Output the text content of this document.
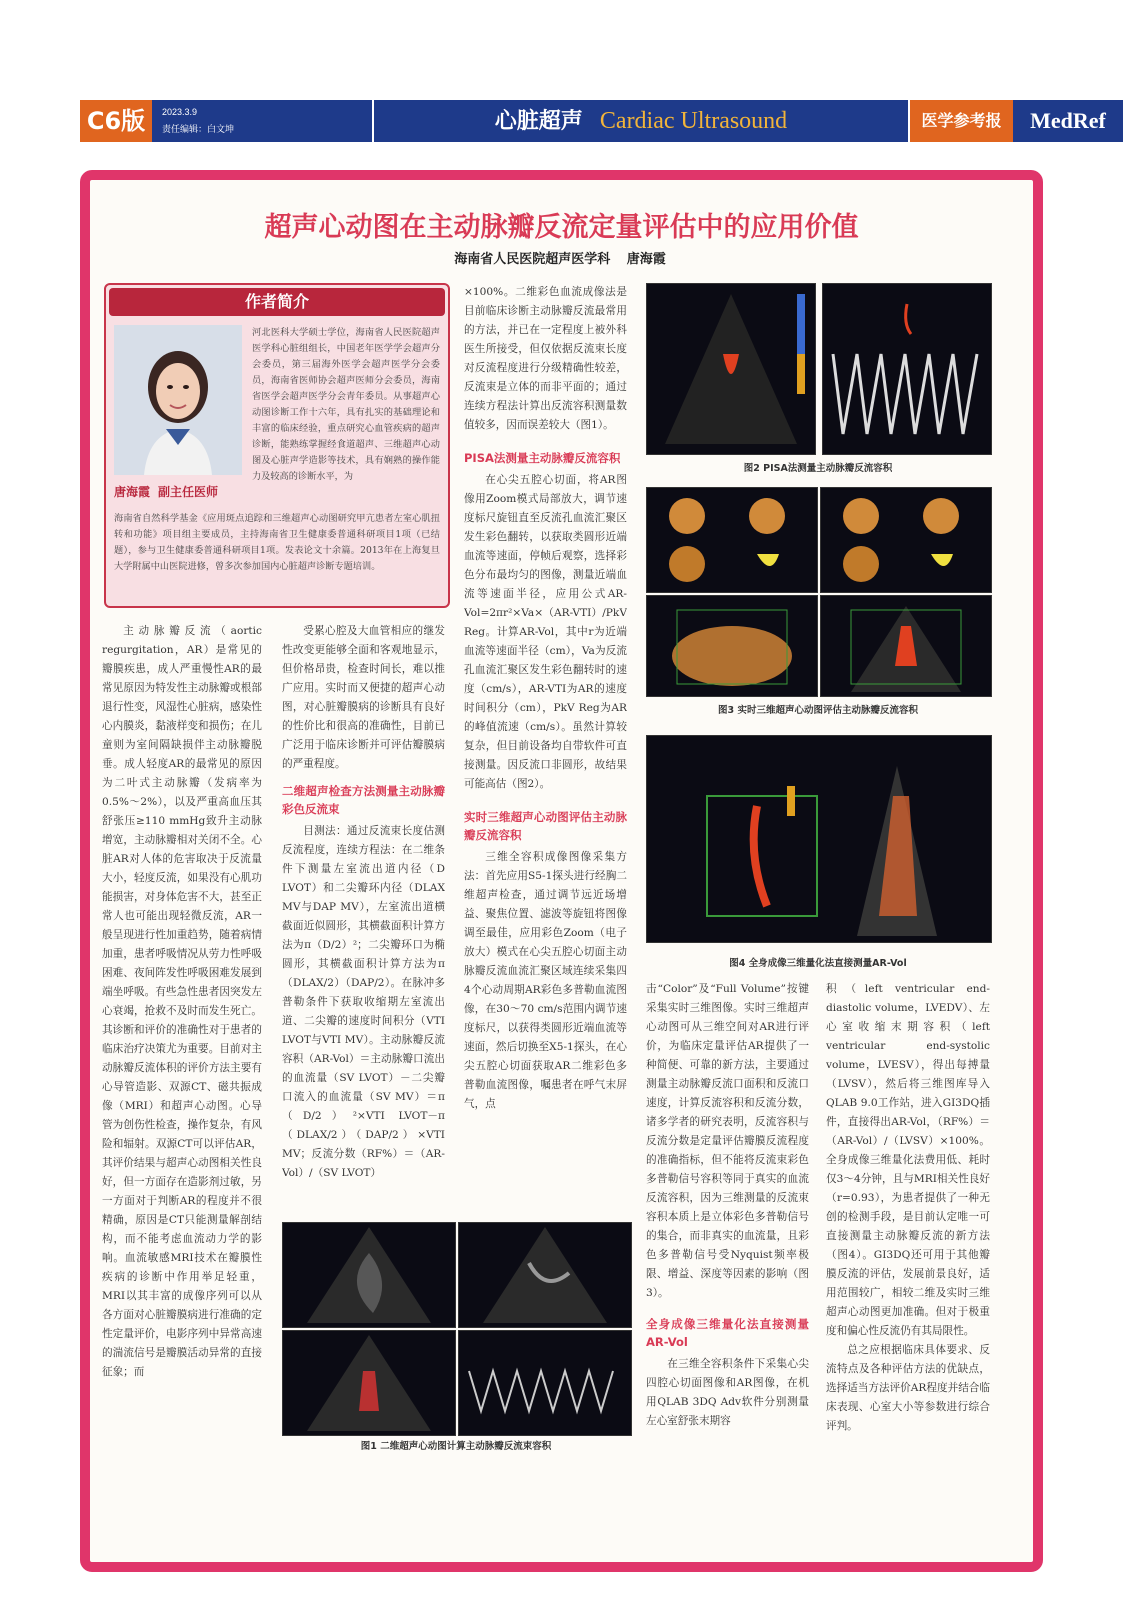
C6版	2023.3.9
责任编辑：白文坤	心脏超声 Cardiac Ultrasound	医学参考报	MedRef
超声心动图在主动脉瓣反流定量评估中的应用价值
海南省人民医院超声医学科 唐海霞
作者简介
唐海霞 副主任医师
河北医科大学硕士学位，海南省人民医院超声医学科心脏组组长，中国老年医学学会超声分会委员，第三届海外医学会超声医学分会委员，海南省医师协会超声医师分会委员，海南省医学会超声医学分会青年委员。从事超声心动图诊断工作十六年，具有扎实的基础理论和丰富的临床经验，重点研究心血管疾病的超声诊断，能熟练掌握经食道超声、三维超声心动图及心脏声学造影等技术，具有娴熟的操作能力及较高的诊断水平，为
海南省自然科学基金《应用斑点追踪和三维超声心动图研究甲亢患者左室心肌扭转和功能》项目组主要成员，主持海南省卫生健康委普通科研项目1项（已结题），参与卫生健康委普通科研项目1项。发表论文十余篇。2013年在上海复旦大学附属中山医院进修，曾多次参加国内心脏超声诊断专题培训。

主动脉瓣反流（aortic regurgitation，AR）是常见的瓣膜疾患，成人严重慢性AR的最常见原因为特发性主动脉瓣或根部退行性变，风湿性心脏病，感染性心内膜炎，黏液样变和损伤；在儿童则为室间隔缺损伴主动脉瓣脱垂。成人轻度AR的最常见的原因为二叶式主动脉瓣（发病率为0.5%～2%），以及严重高血压其舒张压≥110 mmHg致升主动脉增宽，主动脉瓣相对关闭不全。心脏AR对人体的危害取决于反流量大小，轻度反流，如果没有心肌功能损害，对身体危害不大，甚至正常人也可能出现轻微反流，AR一般呈现进行性加重趋势，随着病情加重，患者呼吸情况从劳力性呼吸困难、夜间阵发性呼吸困难发展到端坐呼吸。有些急性患者因突发左心衰竭，抢救不及时而发生死亡。其诊断和评价的准确性对于患者的临床治疗决策尤为重要。目前对主动脉瓣反流体积的评价方法主要有心导管造影、双源CT、磁共振成像（MRI）和超声心动图。心导管为创伤性检查，操作复杂，有风险和辐射。双源CT可以评估AR，其评价结果与超声心动图相关性良好，但一方面存在造影剂过敏，另一方面对于判断AR的程度并不很精确，原因是CT只能测量解剖结构，而不能考虑血流动力学的影响。血流敏感MRI技术在瓣膜性疾病的诊断中作用举足轻重，MRI以其丰富的成像序列可以从各方面对心脏瓣膜病进行准确的定性定量评价，电影序列中异常高速的湍流信号是瓣膜活动异常的直接征象；而

受累心腔及大血管相应的继发性改变更能够全面和客观地显示，但价格昂贵，检查时间长，难以推广应用。实时而又便捷的超声心动图，对心脏瓣膜病的诊断具有良好的性价比和很高的准确性，目前已广泛用于临床诊断并可评估瓣膜病的严重程度。

二维超声检查方法测量主动脉瓣彩色反流束

目测法：通过反流束长度估测反流程度，连续方程法：在二维条件下测量左室流出道内径（D LVOT）和二尖瓣环内径（DLAX MV与DAP MV），左室流出道横截面近似圆形，其横截面积计算方法为π（D/2）²；二尖瓣环口为椭圆形，其横截面积计算方法为π（DLAX/2）（DAP/2）。在脉冲多普勒条件下获取收缩期左室流出道、二尖瓣的速度时间积分（VTI LVOT与VTI MV）。主动脉瓣反流容积（AR-Vol）＝主动脉瓣口流出的血流量（SV LVOT）－二尖瓣口流入的血流量（SV MV）＝π（D/2）²×VTI LVOT－π（DLAX/2）（DAP/2）×VTI MV；反流分数（RF%）＝（AR-Vol）/（SV LVOT）

×100%。二维彩色血流成像法是目前临床诊断主动脉瓣反流最常用的方法，并已在一定程度上被外科医生所接受，但仅依据反流束长度对反流程度进行分级精确性较差，反流束是立体的而非平面的；通过连续方程法计算出反流容积测量数值较多，因而误差较大（图1）。

PISA法测量主动脉瓣反流容积

在心尖五腔心切面，将AR图像用Zoom模式局部放大，调节速度标尺旋钮直至反流孔血流汇聚区发生彩色翻转，以获取类圆形近端血流等速面，停帧后观察，选择彩色分布最均匀的图像，测量近端血流等速面半径，应用公式AR-Vol=2πr²×Va×（AR-VTI）/PkV Reg。计算AR-Vol，其中r为近端血流等速面半径（cm），Va为反流孔血流汇聚区发生彩色翻转时的速度（cm/s），AR-VTI为AR的速度时间积分（cm），PkV Reg为AR的峰值流速（cm/s）。虽然计算较复杂，但目前设备均自带软件可直接测量。因反流口非圆形，故结果可能高估（图2）。

实时三维超声心动图评估主动脉瓣反流容积

三维全容积成像图像采集方法：首先应用S5-1探头进行经胸二维超声检查，通过调节远近场增益、聚焦位置、滤波等旋钮将图像调至最佳，应用彩色Zoom（电子放大）模式在心尖五腔心切面主动脉瓣反流血流汇聚区域连续采集四4个心动周期AR彩色多普勒血流图像，在30～70 cm/s范围内调节速度标尺，以获得类圆形近端血流等速面，然后切换至X5-1探头，在心尖五腔心切面获取AR二维彩色多普勒血流图像，嘱患者在呼气末屏气，点

击“Color”及“Full Volume”按键采集实时三维图像。实时三维超声心动图可从三维空间对AR进行评价，为临床定量评估AR提供了一种简便、可靠的新方法，主要通过测量主动脉瓣反流口面积和反流口速度，计算反流容积和反流分数，诸多学者的研究表明，反流容积与反流分数是定量评估瓣膜反流程度的准确指标，但不能将反流束彩色多普勒信号容积等同于真实的血流反流容积，因为三维测量的反流束容积本质上是立体彩色多普勒信号的集合，而非真实的血流量，且彩色多普勒信号受Nyquist频率极限、增益、深度等因素的影响（图3）。

全身成像三维量化法直接测量AR-Vol

在三维全容积条件下采集心尖四腔心切面图像和AR图像，在机用QLAB 3DQ Adv软件分别测量左心室舒张末期容

积（left ventricular end-diastolic volume，LVEDV）、左心室收缩末期容积（left ventricular end-systolic volume，LVESV），得出每搏量（LVSV），然后将三维图库导入QLAB 9.0工作站，进入GI3DQ插件，直接得出AR-Vol，（RF%）＝（AR-Vol）/（LVSV）×100%。全身成像三维量化法费用低、耗时仅3～4分钟，且与MRI相关性良好（r=0.93），为患者提供了一种无创的检测手段，是目前认定唯一可直接测量主动脉瓣反流的新方法（图4）。GI3DQ还可用于其他瓣膜反流的评估，发展前景良好，适用范围较广，相较二维及实时三维超声心动图更加准确。但对于极重度和偏心性反流仍有其局限性。

总之应根据临床具体要求、反流特点及各种评估方法的优缺点，选择适当方法评价AR程度并结合临床表现、心室大小等参数进行综合评判。

图1 二维超声心动图计算主动脉瓣反流束容积
图2 PISA法测量主动脉瓣反流容积
图3 实时三维超声心动图评估主动脉瓣反流容积
图4 全身成像三维量化法直接测量AR-Vol
